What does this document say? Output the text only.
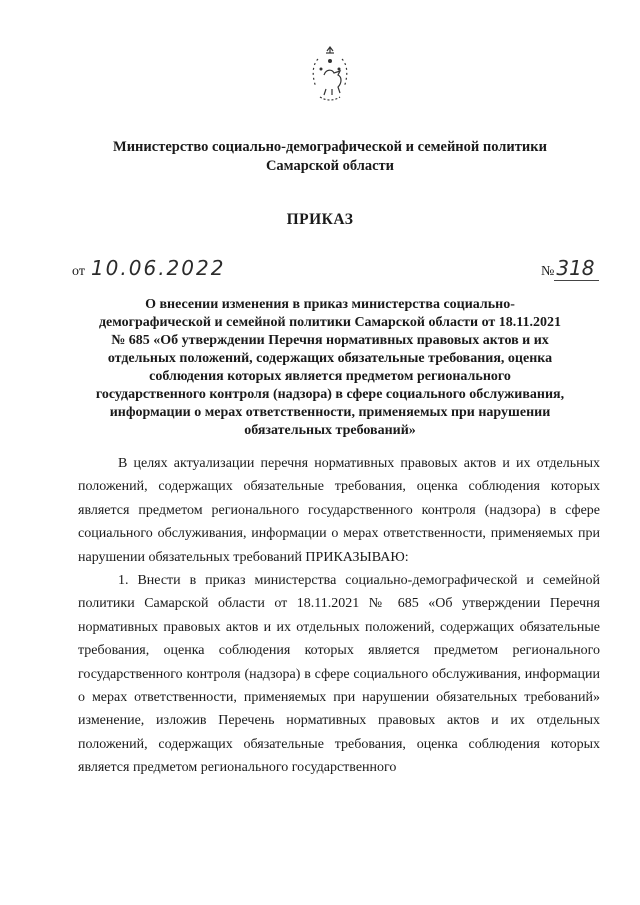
Министерство социально-демографической и семейной политики
Самарской области
ПРИКАЗ
от 10.06.2022	№ 318
О внесении изменения в приказ министерства социально-демографической и семейной политики Самарской области от 18.11.2021 № 685 «Об утверждении Перечня нормативных правовых актов и их отдельных положений, содержащих обязательные требования, оценка соблюдения которых является предметом регионального государственного контроля (надзора) в сфере социального обслуживания, информации о мерах ответственности, применяемых при нарушении обязательных требований»

В целях актуализации перечня нормативных правовых актов и их отдельных положений, содержащих обязательные требования, оценка соблюдения которых является предметом регионального государственного контроля (надзора) в сфере социального обслуживания, информации о мерах ответственности, применяемых при нарушении обязательных требований ПРИКАЗЫВАЮ:

1. Внести в приказ министерства социально-демографической и семейной политики Самарской области от 18.11.2021 № 685 «Об утверждении Перечня нормативных правовых актов и их отдельных положений, содержащих обязательные требования, оценка соблюдения которых является предметом регионального государственного контроля (надзора) в сфере социального обслуживания, информации о мерах ответственности, применяемых при нарушении обязательных требований» изменение, изложив Перечень нормативных правовых актов и их отдельных положений, содержащих обязательные требования, оценка соблюдения которых является предметом регионального государственного
